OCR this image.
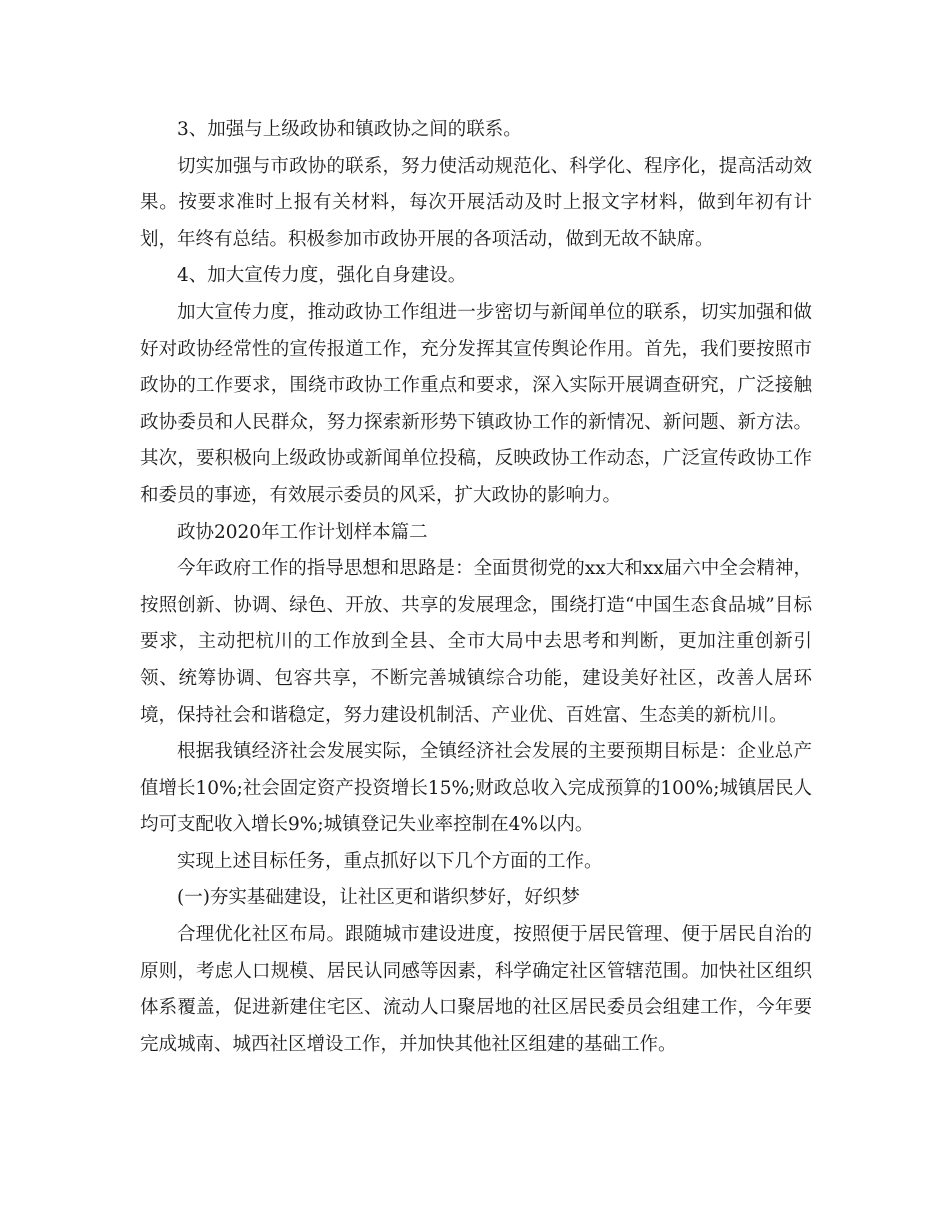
3、加强与上级政协和镇政协之间的联系。

切实加强与市政协的联系，努力使活动规范化、科学化、程序化，提高活动效果。按要求准时上报有关材料，每次开展活动及时上报文字材料，做到年初有计划，年终有总结。积极参加市政协开展的各项活动，做到无故不缺席。

4、加大宣传力度，强化自身建设。

加大宣传力度，推动政协工作组进一步密切与新闻单位的联系，切实加强和做好对政协经常性的宣传报道工作，充分发挥其宣传舆论作用。首先，我们要按照市政协的工作要求，围绕市政协工作重点和要求，深入实际开展调查研究，广泛接触政协委员和人民群众，努力探索新形势下镇政协工作的新情况、新问题、新方法。其次，要积极向上级政协或新闻单位投稿，反映政协工作动态，广泛宣传政协工作和委员的事迹，有效展示委员的风采，扩大政协的影响力。

政协2020年工作计划样本篇二

今年政府工作的指导思想和思路是：全面贯彻党的xx大和xx届六中全会精神，按照创新、协调、绿色、开放、共享的发展理念，围绕打造“中国生态食品城”目标要求，主动把杭川的工作放到全县、全市大局中去思考和判断，更加注重创新引领、统筹协调、包容共享，不断完善城镇综合功能，建设美好社区，改善人居环境，保持社会和谐稳定，努力建设机制活、产业优、百姓富、生态美的新杭川。

根据我镇经济社会发展实际，全镇经济社会发展的主要预期目标是：企业总产值增长10%;社会固定资产投资增长15%;财政总收入完成预算的100%;城镇居民人均可支配收入增长9%;城镇登记失业率控制在4%以内。

实现上述目标任务，重点抓好以下几个方面的工作。

(一)夯实基础建设，让社区更和谐织梦好，好织梦

合理优化社区布局。跟随城市建设进度，按照便于居民管理、便于居民自治的原则，考虑人口规模、居民认同感等因素，科学确定社区管辖范围。加快社区组织体系覆盖，促进新建住宅区、流动人口聚居地的社区居民委员会组建工作，今年要完成城南、城西社区增设工作，并加快其他社区组建的基础工作。
